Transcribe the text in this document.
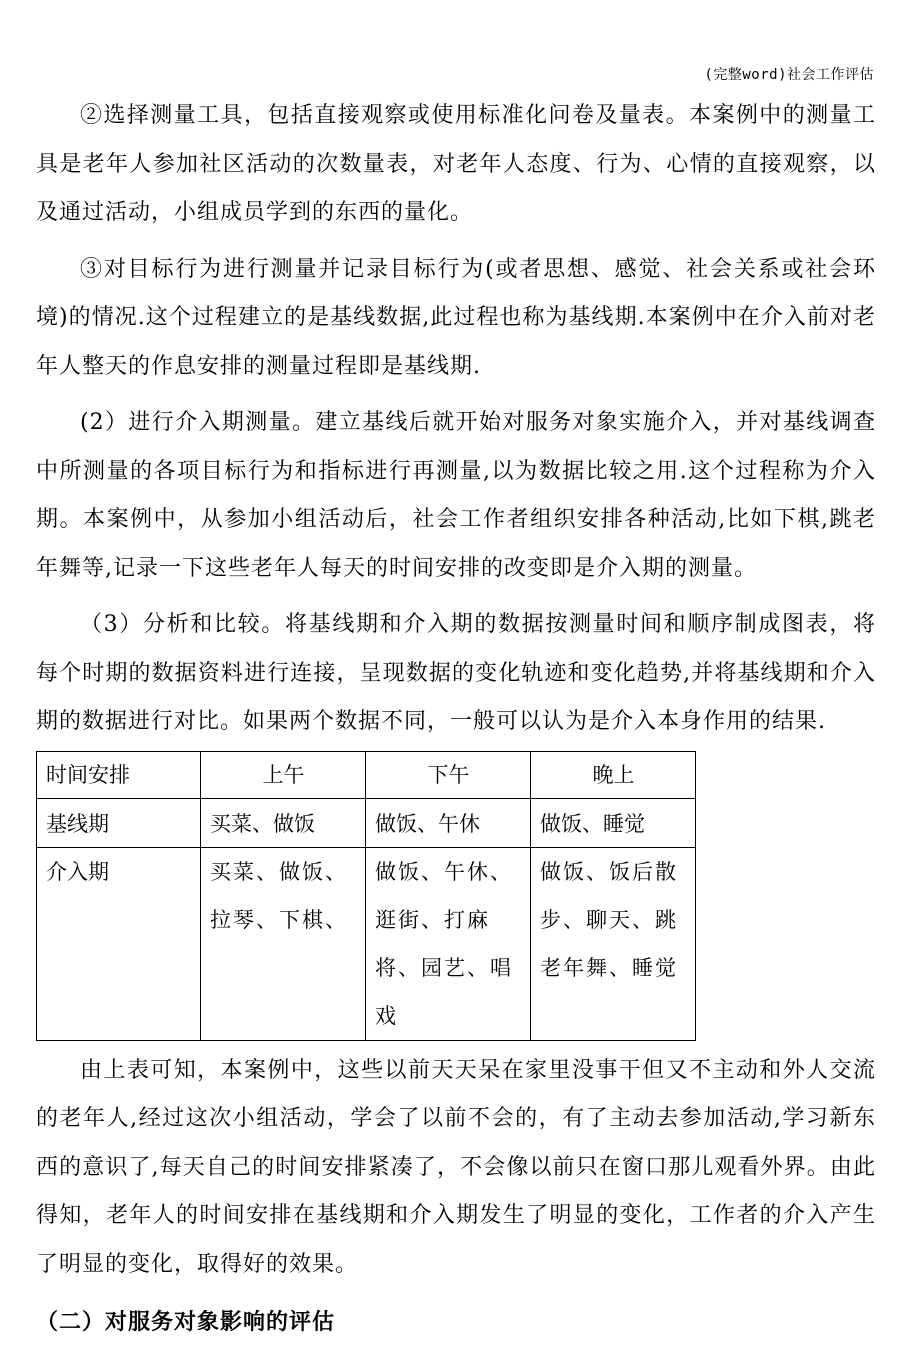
(完整word)社会工作评估

②选择测量工具，包括直接观察或使用标准化问卷及量表。本案例中的测量工具是老年人参加社区活动的次数量表，对老年人态度、行为、心情的直接观察，以及通过活动，小组成员学到的东西的量化。

③对目标行为进行测量并记录目标行为(或者思想、感觉、社会关系或社会环境)的情况.这个过程建立的是基线数据,此过程也称为基线期.本案例中在介入前对老年人整天的作息安排的测量过程即是基线期.

(2）进行介入期测量。建立基线后就开始对服务对象实施介入，并对基线调查中所测量的各项目标行为和指标进行再测量,以为数据比较之用.这个过程称为介入期。本案例中，从参加小组活动后，社会工作者组织安排各种活动,比如下棋,跳老年舞等,记录一下这些老年人每天的时间安排的改变即是介入期的测量。

（3）分析和比较。将基线期和介入期的数据按测量时间和顺序制成图表，将每个时期的数据资料进行连接，呈现数据的变化轨迹和变化趋势,并将基线期和介入期的数据进行对比。如果两个数据不同，一般可以认为是介入本身作用的结果.

时间安排	上午	下午	晚上
基线期	买菜、做饭	做饭、午休	做饭、睡觉
介入期	买菜、做饭、拉琴、下棋、	做饭、午休、逛街、打麻将、园艺、唱戏	做饭、饭后散步、聊天、跳老年舞、睡觉

由上表可知，本案例中，这些以前天天呆在家里没事干但又不主动和外人交流的老年人,经过这次小组活动，学会了以前不会的，有了主动去参加活动,学习新东西的意识了,每天自己的时间安排紧凑了，不会像以前只在窗口那儿观看外界。由此得知，老年人的时间安排在基线期和介入期发生了明显的变化，工作者的介入产生了明显的变化，取得好的效果。

（二）对服务对象影响的评估
